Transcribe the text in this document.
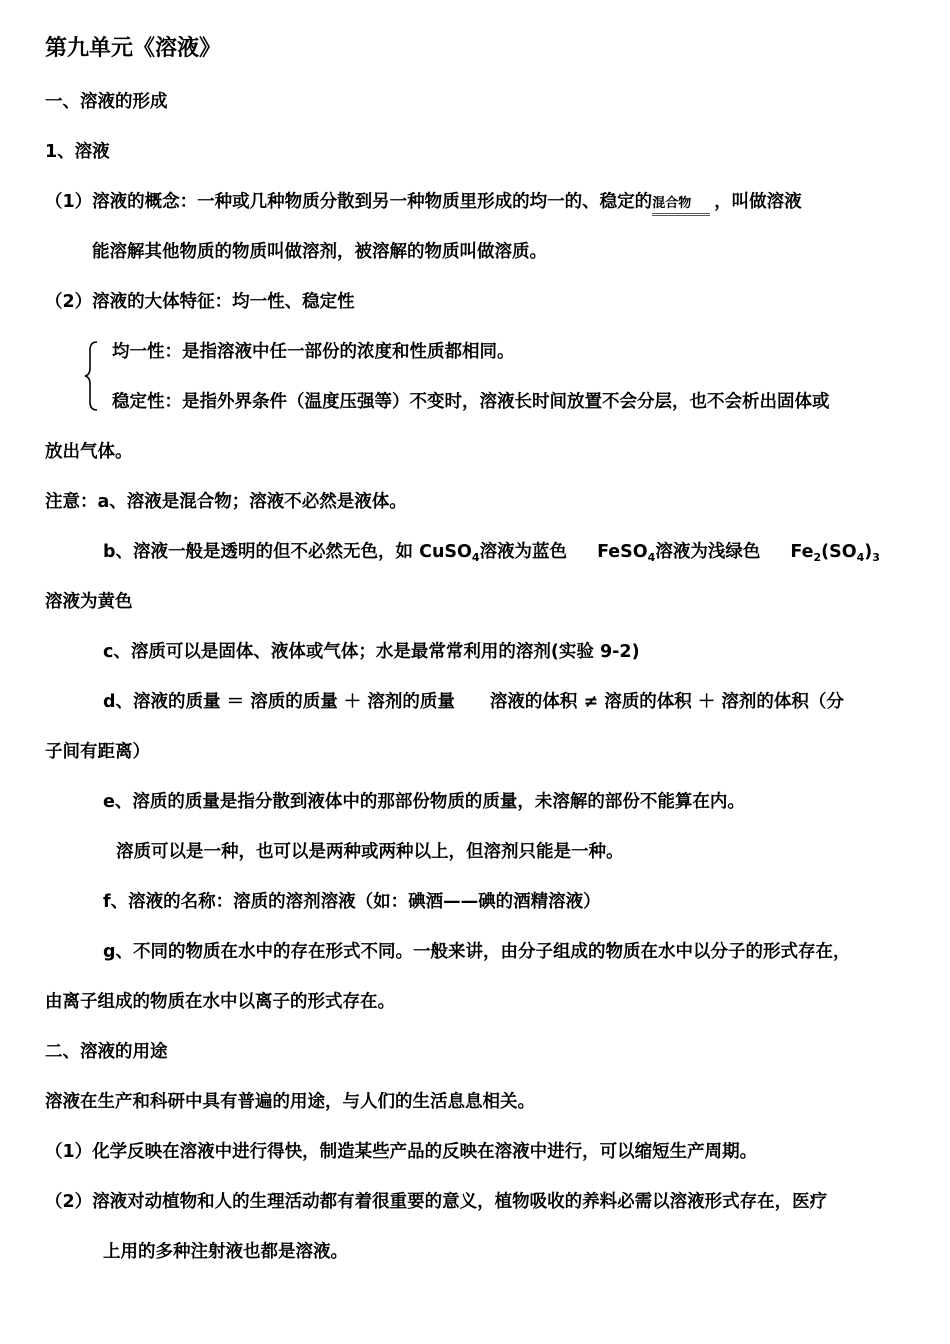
第九单元《溶液》
一、溶液的形成
1、溶液
（1）溶液的概念：一种或几种物质分散到另一种物质里形成的均一的、稳定的混合物 ，叫做溶液
能溶解其他物质的物质叫做溶剂，被溶解的物质叫做溶质。
（2）溶液的大体特征：均一性、稳定性
均一性：是指溶液中任一部份的浓度和性质都相同。
稳定性：是指外界条件（温度压强等）不变时，溶液长时间放置不会分层，也不会析出固体或
放出气体。
注意：a、溶液是混合物；溶液不必然是液体。
b、溶液一般是透明的但不必然无色，如 CuSO$_4$溶液为蓝色 FeSO$_4$溶液为浅绿色 $Fe_2(SO_4)_3$
溶液为黄色
c、溶质可以是固体、液体或气体；水是最常常利用的溶剂(实验 9-2)
d、溶液的质量 ＝ 溶质的质量 ＋ 溶剂的质量　　溶液的体积 ≠ 溶质的体积 ＋ 溶剂的体积（分
子间有距离）
e、溶质的质量是指分散到液体中的那部份物质的质量，未溶解的部份不能算在内。
溶质可以是一种，也可以是两种或两种以上，但溶剂只能是一种。
f、溶液的名称：溶质的溶剂溶液（如：碘酒——碘的酒精溶液）
g、不同的物质在水中的存在形式不同。一般来讲，由分子组成的物质在水中以分子的形式存在，
由离子组成的物质在水中以离子的形式存在。
二、溶液的用途
溶液在生产和科研中具有普遍的用途，与人们的生活息息相关。
（1）化学反映在溶液中进行得快，制造某些产品的反映在溶液中进行，可以缩短生产周期。
（2）溶液对动植物和人的生理活动都有着很重要的意义，植物吸收的养料必需以溶液形式存在，医疗
上用的多种注射液也都是溶液。
